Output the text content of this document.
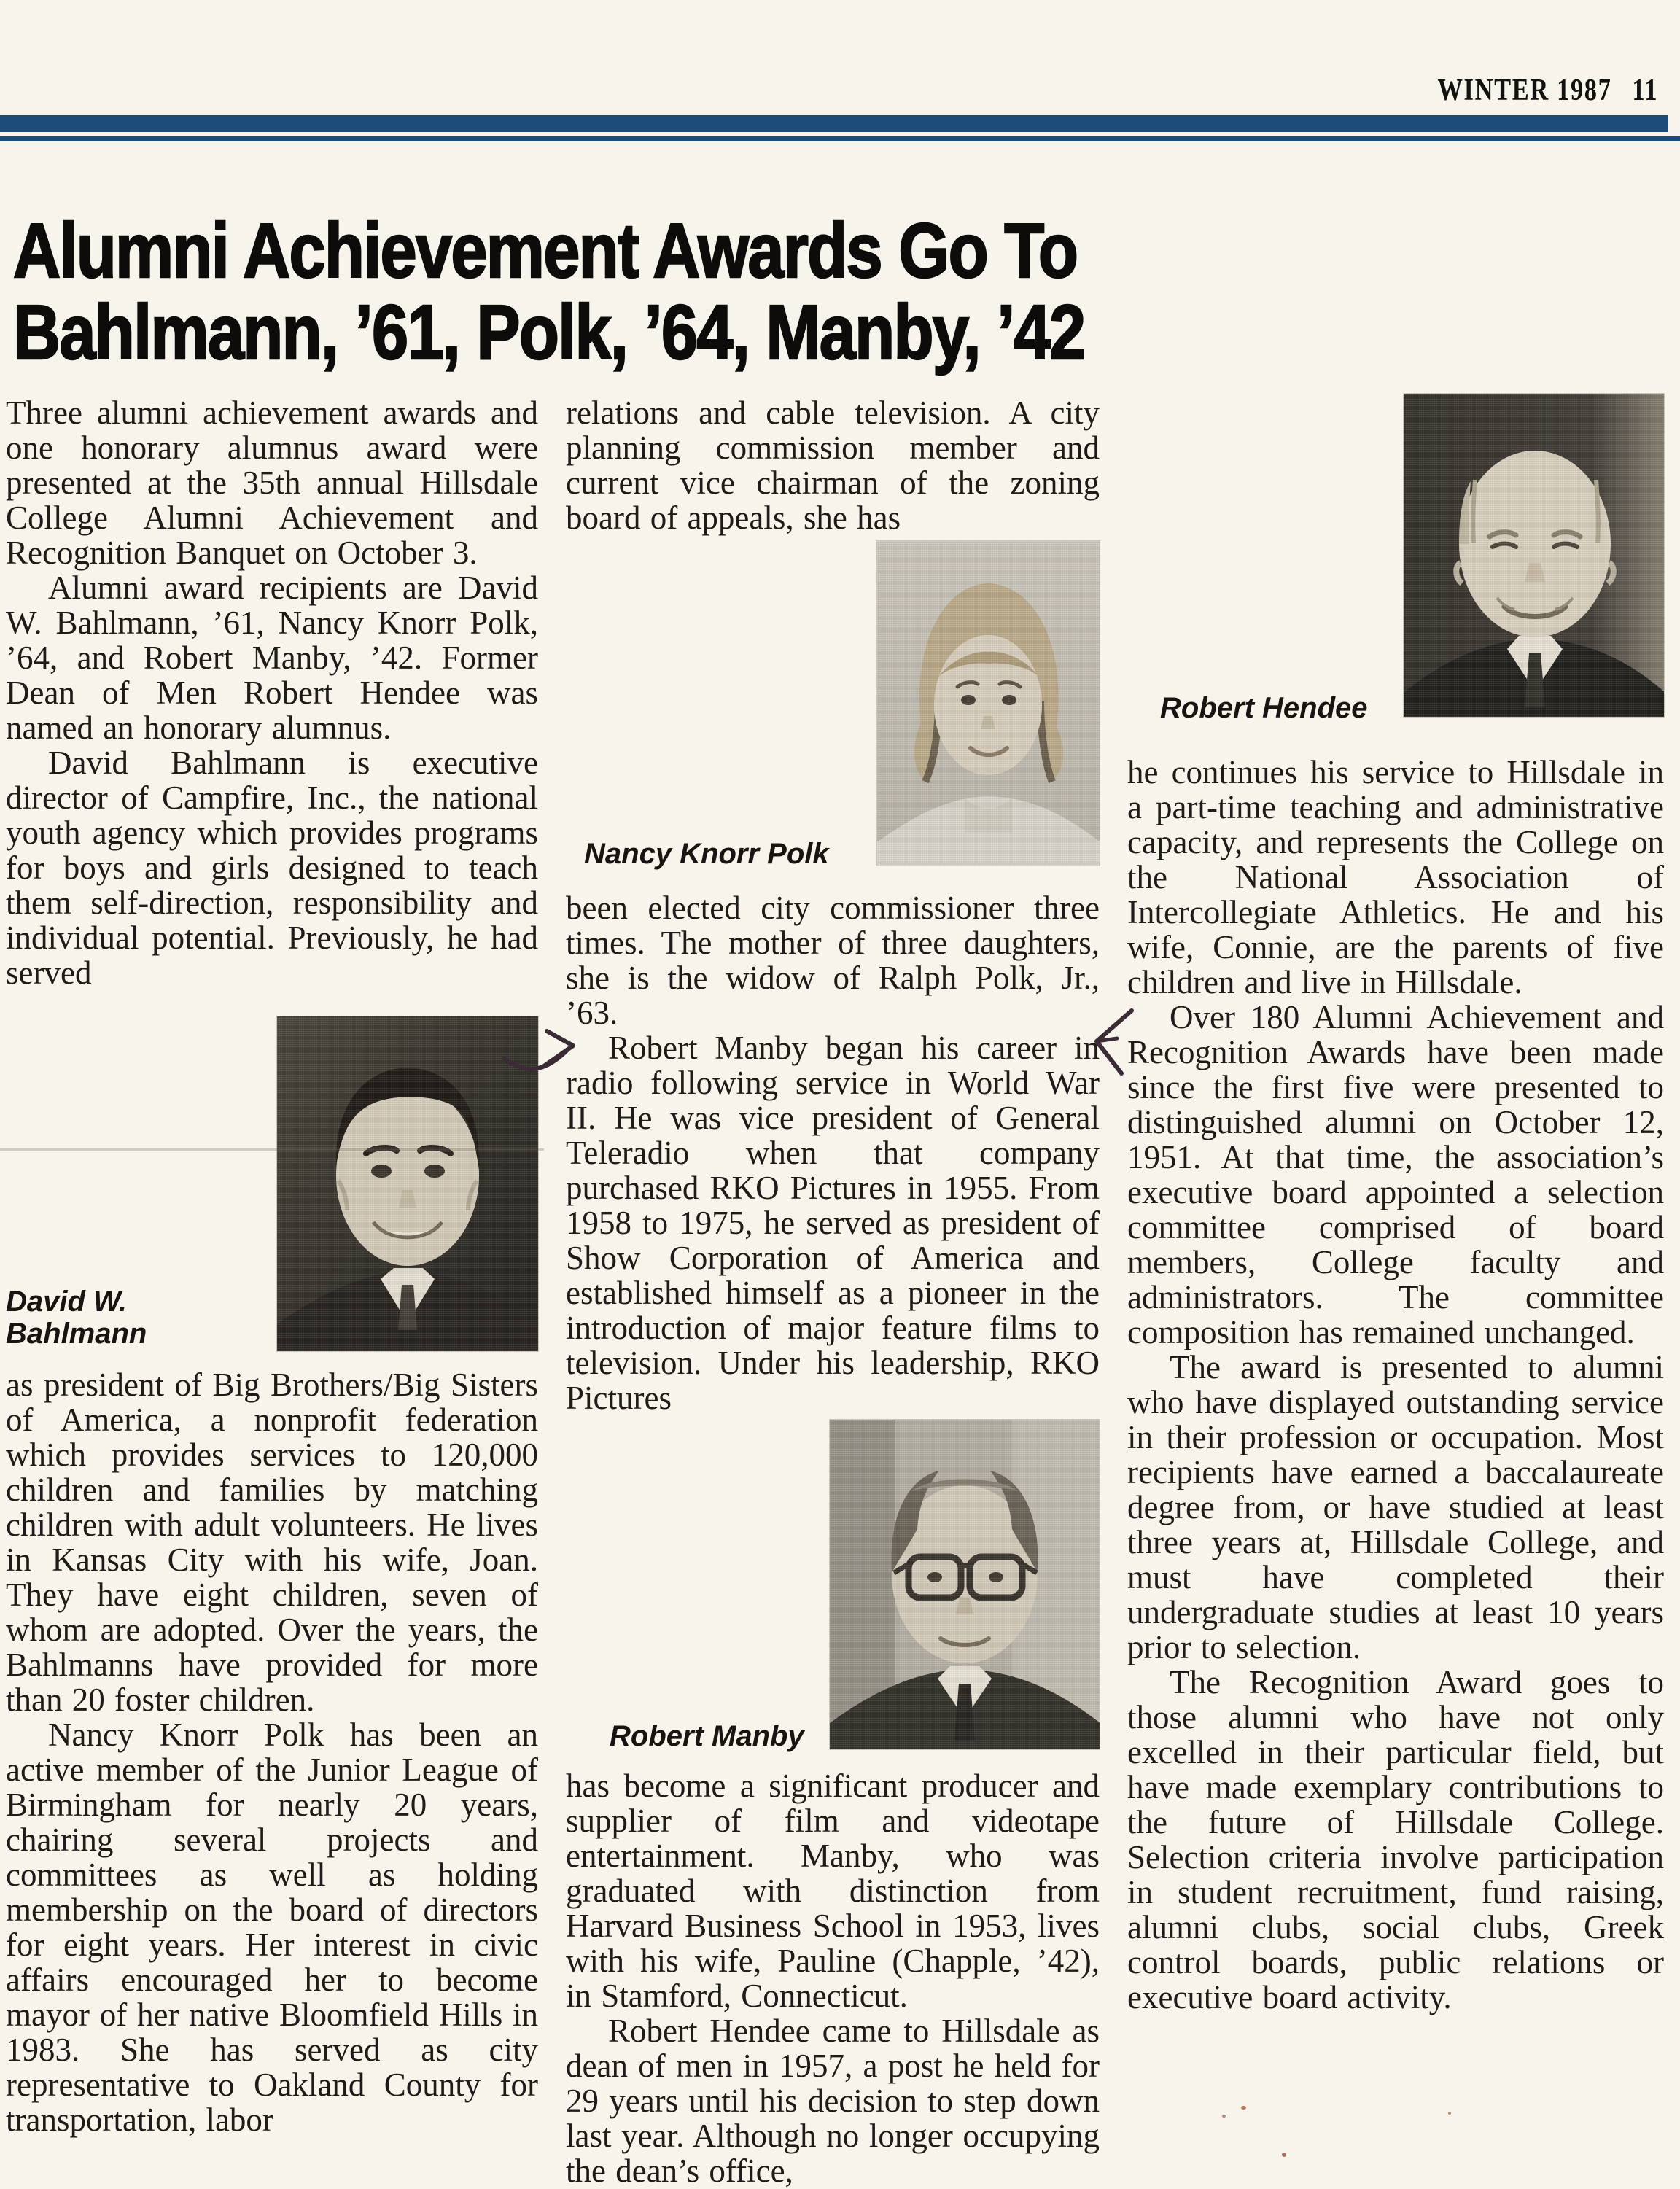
WINTER 1987 11
Alumni Achievement Awards Go To
Bahlmann, ’61, Polk, ’64, Manby, ’42

Three alumni achievement awards and one honorary alumnus award were presented at the 35th annual Hillsdale College Alumni Achievement and Recognition Banquet on October 3.

Alumni award recipients are David W. Bahlmann, ’61, Nancy Knorr Polk, ’64, and Robert Manby, ’42. Former Dean of Men Robert Hendee was named an honorary alumnus.

David Bahlmann is executive director of Campfire, Inc., the national youth agency which provides programs for boys and girls designed to teach them self-direction, responsibility and individual potential. Previously, he had served

David W. Bahlmann

as president of Big Brothers/Big Sisters of America, a nonprofit federation which provides services to 120,000 children and families by matching children with adult volunteers. He lives in Kansas City with his wife, Joan. They have eight children, seven of whom are adopted. Over the years, the Bahlmanns have provided for more than 20 foster children.

Nancy Knorr Polk has been an active member of the Junior League of Birmingham for nearly 20 years, chairing several projects and committees as well as holding membership on the board of directors for eight years. Her interest in civic affairs encouraged her to become mayor of her native Bloomfield Hills in 1983. She has served as city representative to Oakland County for transportation, labor

relations and cable television. A city planning commission member and current vice chairman of the zoning board of appeals, she has

Nancy Knorr Polk

been elected city commissioner three times. The mother of three daughters, she is the widow of Ralph Polk, Jr., ’63.

Robert Manby began his career in radio following service in World War II. He was vice president of General Teleradio when that company purchased RKO Pictures in 1955. From 1958 to 1975, he served as president of Show Corporation of America and established himself as a pioneer in the introduction of major feature films to television. Under his leadership, RKO Pictures

Robert Manby

has become a significant producer and supplier of film and videotape entertainment. Manby, who was graduated with distinction from Harvard Business School in 1953, lives with his wife, Pauline (Chapple, ’42), in Stamford, Connecticut.

Robert Hendee came to Hillsdale as dean of men in 1957, a post he held for 29 years until his decision to step down last year. Although no longer occupying the dean’s office,

Robert Hendee

he continues his service to Hillsdale in a part-time teaching and administrative capacity, and represents the College on the National Association of Intercollegiate Athletics. He and his wife, Connie, are the parents of five children and live in Hillsdale.

Over 180 Alumni Achievement and Recognition Awards have been made since the first five were presented to distinguished alumni on October 12, 1951. At that time, the association’s executive board appointed a selection committee comprised of board members, College faculty and administrators. The committee composition has remained unchanged.

The award is presented to alumni who have displayed outstanding service in their profession or occupation. Most recipients have earned a baccalaureate degree from, or have studied at least three years at, Hillsdale College, and must have completed their undergraduate studies at least 10 years prior to selection.

The Recognition Award goes to those alumni who have not only excelled in their particular field, but have made exemplary contributions to the future of Hillsdale College. Selection criteria involve participation in student recruitment, fund raising, alumni clubs, social clubs, Greek control boards, public relations or executive board activity.
